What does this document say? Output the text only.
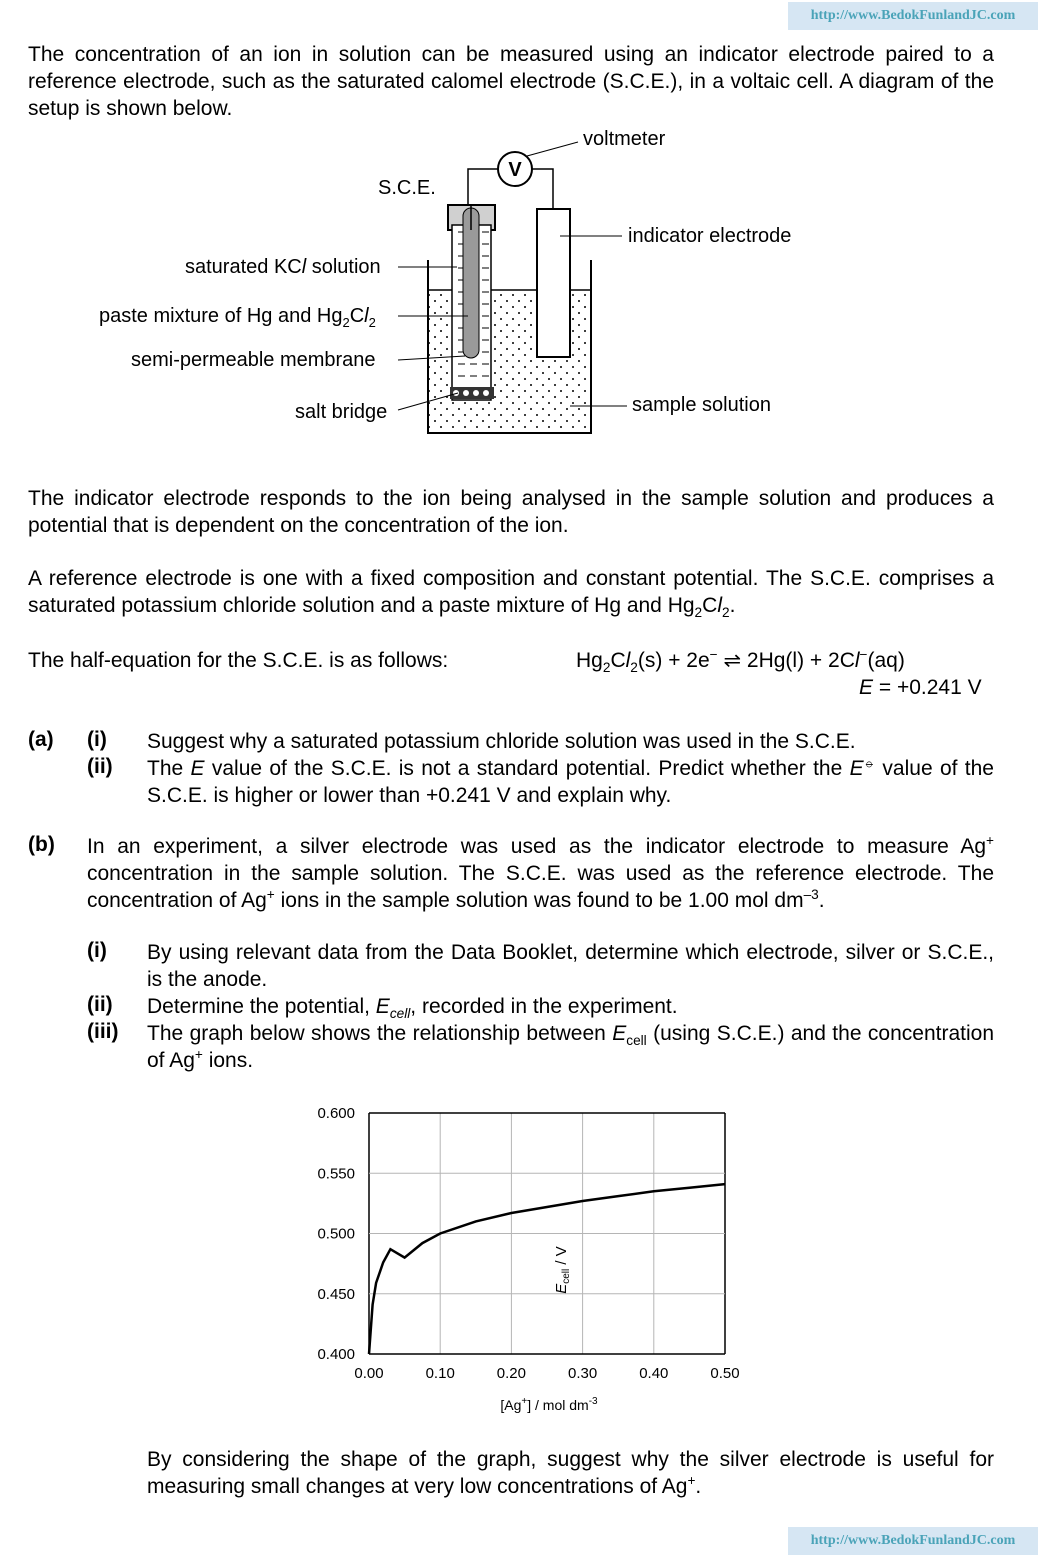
http://www.BedokFunlandJC.com
http://www.BedokFunlandJC.com
The concentration of an ion in solution can be measured using an indicator electrode paired to a reference electrode, such as the saturated calomel electrode (S.C.E.), in a voltaic cell. A diagram of the setup is shown below.
V
voltmeter
S.C.E.
indicator electrode
saturated KCl solution
paste mixture of Hg and $Hg_2Cl_2$
semi-permeable membrane
salt bridge	sample solution
The indicator electrode responds to the ion being analysed in the sample solution and produces a potential that is dependent on the concentration of the ion.
A reference electrode is one with a fixed composition and constant potential. The S.C.E. comprises a saturated potassium chloride solution and a paste mixture of Hg and $Hg_2Cl_2$.
The half-equation for the S.C.E. is as follows:	$Hg_2Cl_2(s) + 2e^-$ ⇌ 2Hg(l) + 2Cl−(aq)
E = +0.241 V
(a) (i) Suggest why a saturated potassium chloride solution was used in the S.C.E.
(ii) The E value of the S.C.E. is not a standard potential. Predict whether the E⦵ value of the S.C.E. is higher or lower than +0.241 V and explain why.
(b) In an experiment, a silver electrode was used as the indicator electrode to measure Ag+ concentration in the sample solution. The S.C.E. was used as the reference electrode. The concentration of Ag+ ions in the sample solution was found to be 1.00 mol $dm^{-3}$.
(i) By using relevant data from the Data Booklet, determine which electrode, silver or S.C.E., is the anode.
(ii) Determine the potential, $E_{cell}$, recorded in the experiment.
(iii) The graph below shows the relationship between $E_{cell}$ (using S.C.E.) and the concentration of Ag+ ions.
0.600
0.550
0.500
0.450
0.400
0.00	0.10	0.20	0.30	0.40	0.50
$E_{cell}$ / V
[Ag+] / mol $dm^{-3}$
By considering the shape of the graph, suggest why the silver electrode is useful for measuring small changes at very low concentrations of Ag+.
